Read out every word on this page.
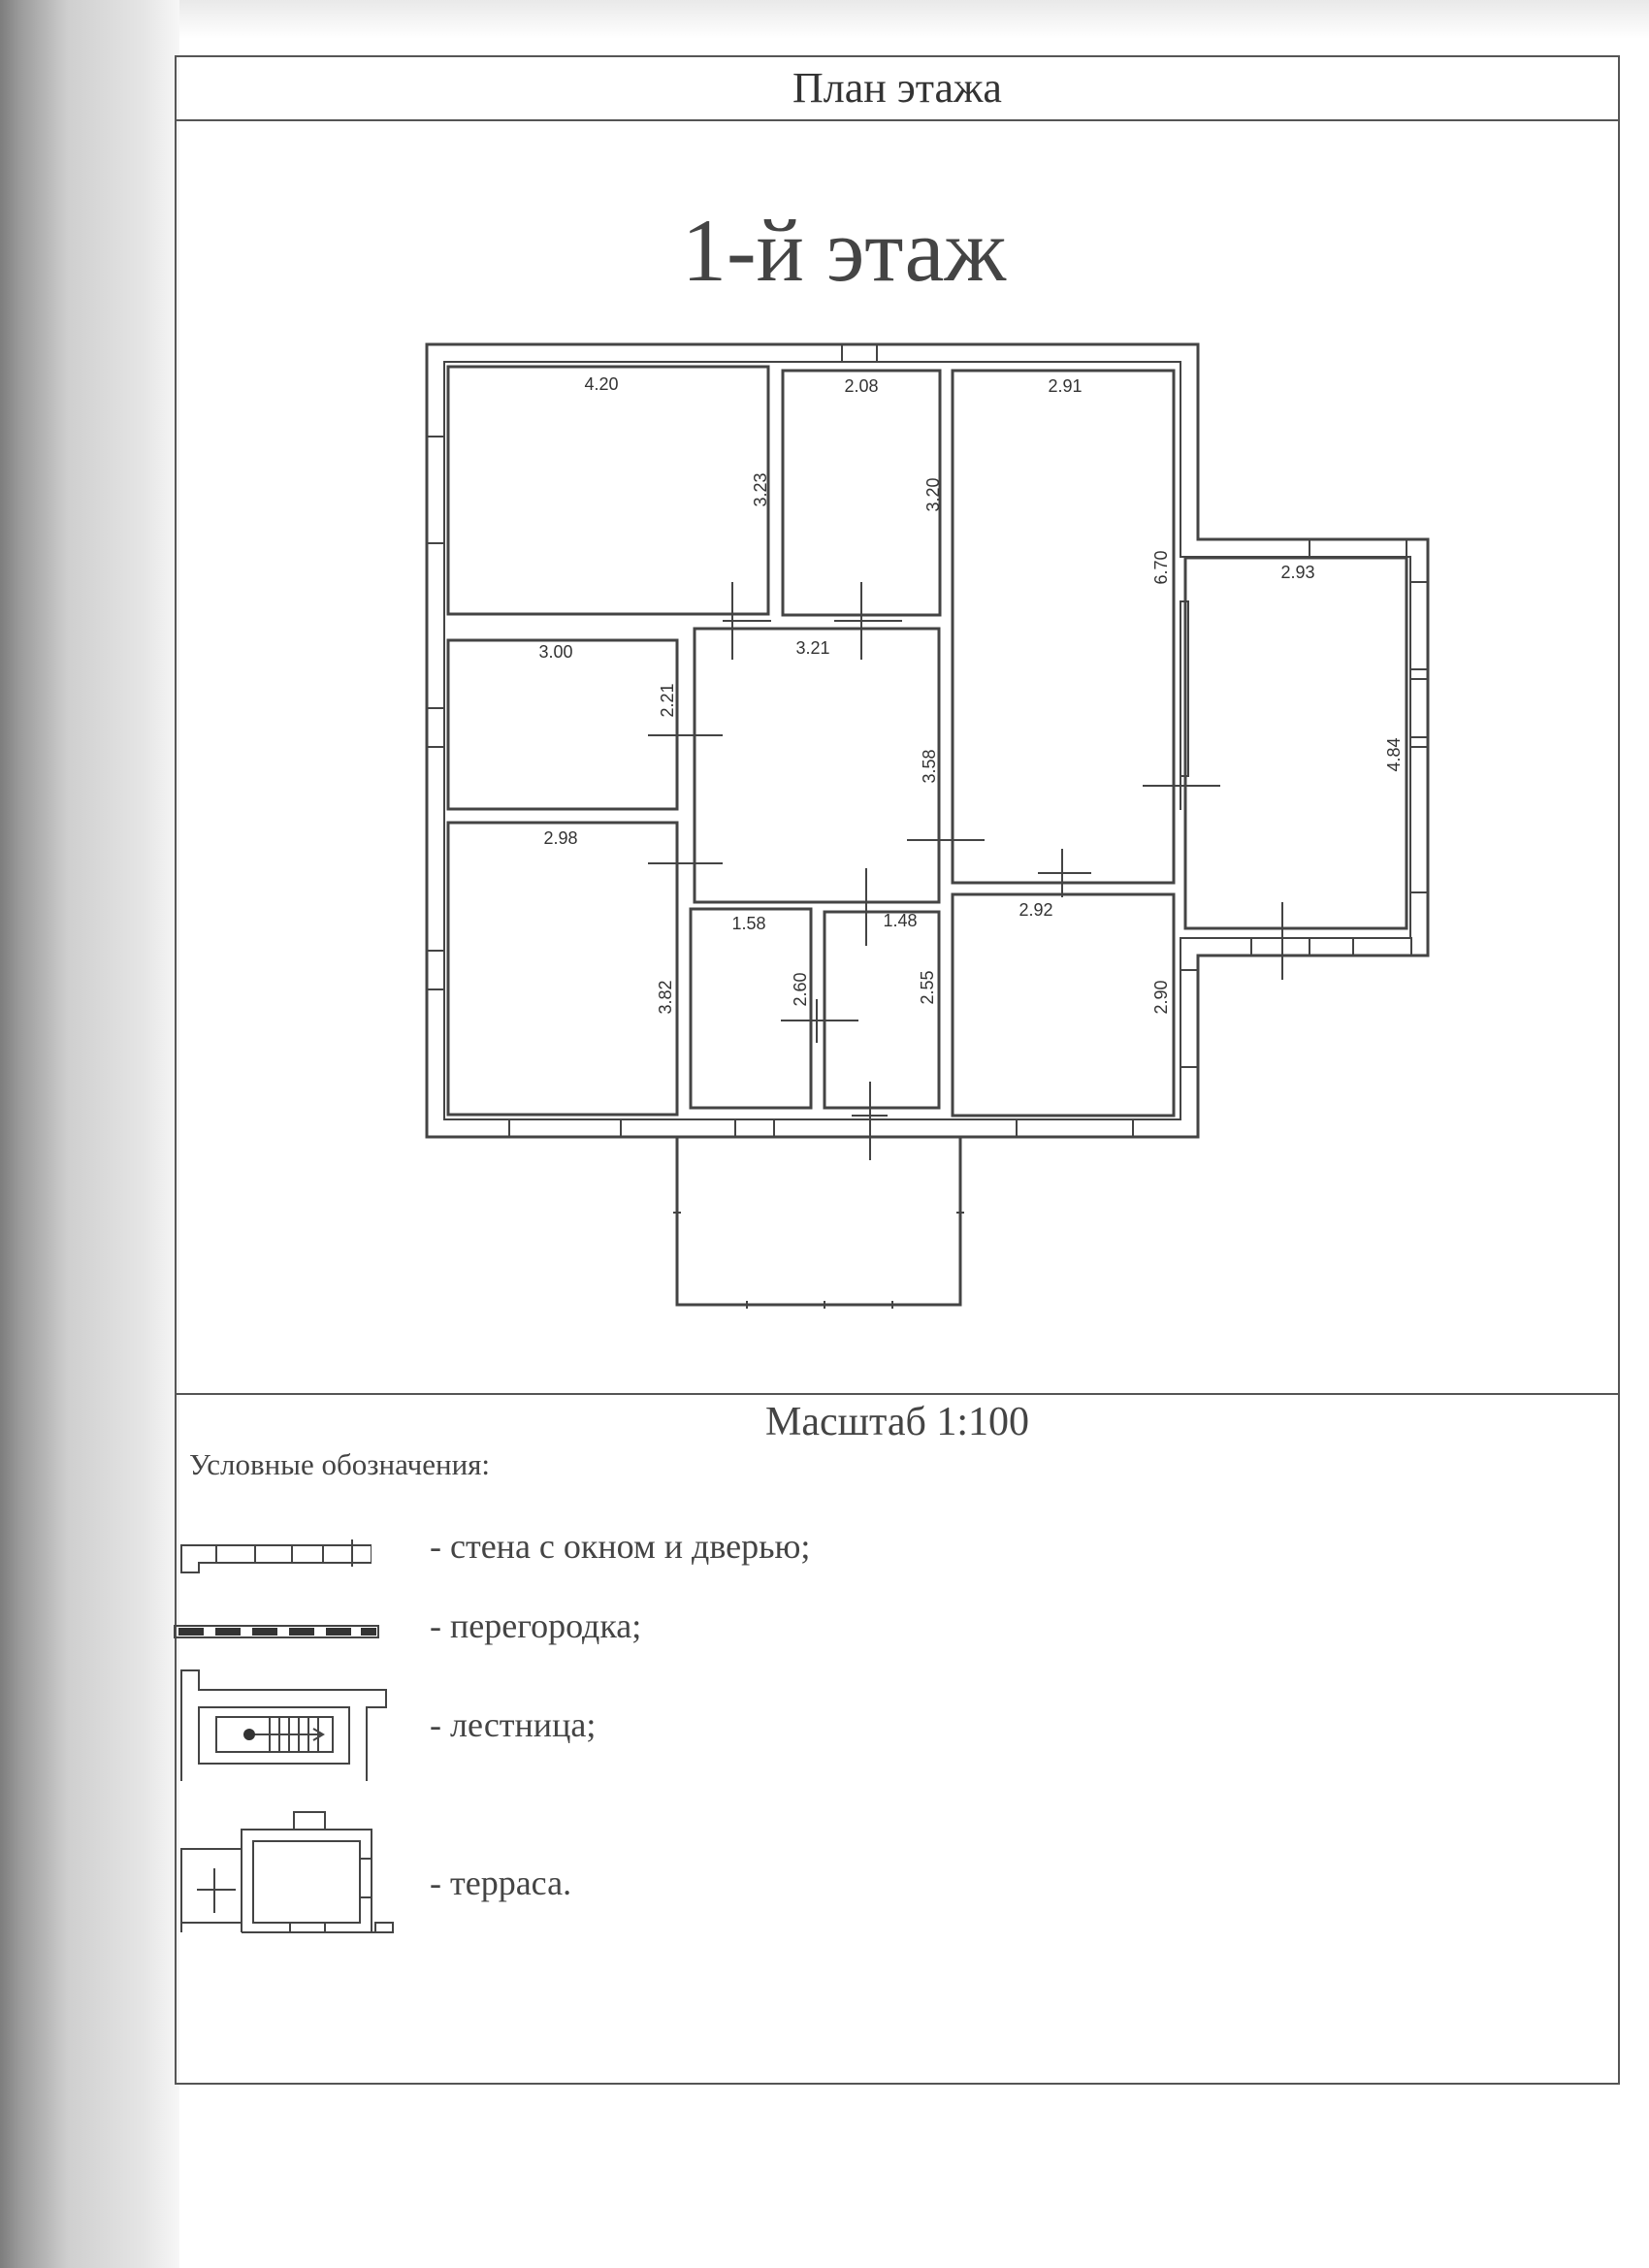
План этажа
1-й этаж
4.20
3.23
2.08
3.20
2.91
6.70	2.93
4.84
3.00
2.21
3.21
3.58
2.98
3.82
1.58
2.60
1.48
2.55
2.92
2.90
Масштаб 1:100
Условные обозначения:
- стена с окном и дверью;
- перегородка;
- лестница;
- терраса.
